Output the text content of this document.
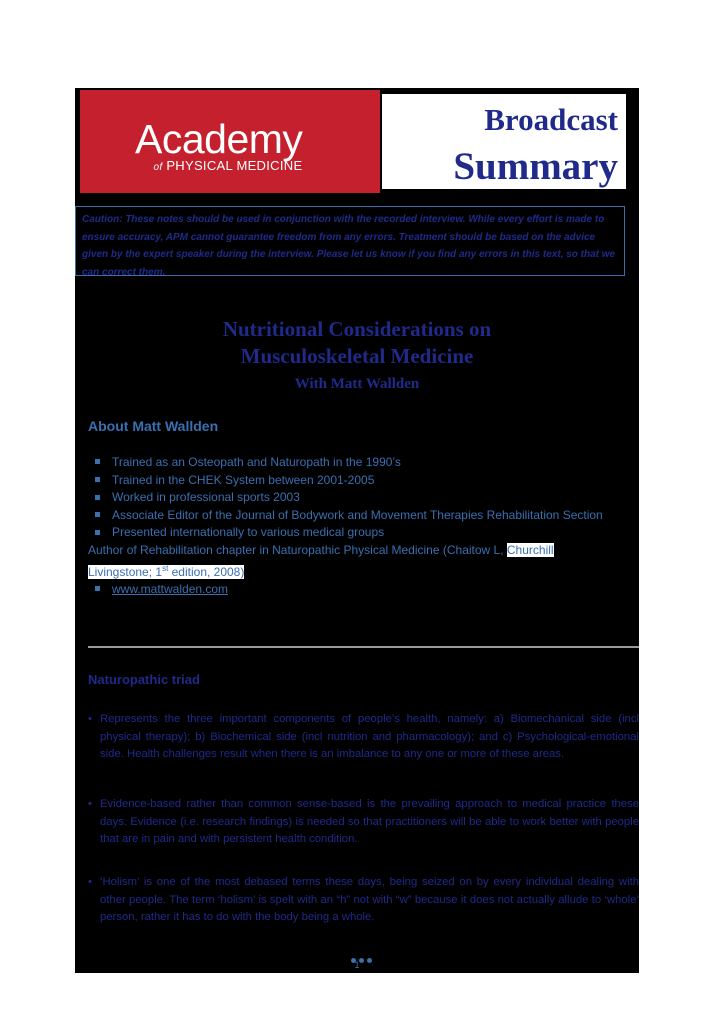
Academy
of PHYSICAL MEDICINE
Broadcast
Summary
Caution: These notes should be used in conjunction with the recorded interview. While every effort is made to ensure accuracy, APM cannot guarantee freedom from any errors. Treatment should be based on the advice given by the expert speaker during the interview. Please let us know if you find any errors in this text, so that we can correct them.
Nutritional Considerations on
Musculoskeletal Medicine
With Matt Wallden
About Matt Wallden
Trained as an Osteopath and Naturopath in the 1990’s
Trained in the CHEK System between 2001-2005
Worked in professional sports 2003
Associate Editor of the Journal of Bodywork and Movement Therapies Rehabilitation Section
Presented internationally to various medical groups
Author of Rehabilitation chapter in Naturopathic Physical Medicine (Chaitow L, Churchill
Livingstone; 1st edition, 2008)
www.mattwalden.com
Naturopathic triad
• Represents the three important components of people’s health, namely: a) Biomechanical side (incl physical therapy); b) Biochemical side (incl nutrition and pharmacology); and c) Psychological-emotional side. Health challenges result when there is an imbalance to any one or more of these areas.
• Evidence-based rather than common sense-based is the prevailing approach to medical practice these days. Evidence (i.e. research findings) is needed so that practitioners will be able to work better with people that are in pain and with persistent health condition.
• ‘Holism’ is one of the most debased terms these days, being seized on by every individual dealing with other people. The term ‘holism’ is spelt with an “h” not with “w” because it does not actually allude to ‘whole’ person, rather it has to do with the body being a whole.
1
